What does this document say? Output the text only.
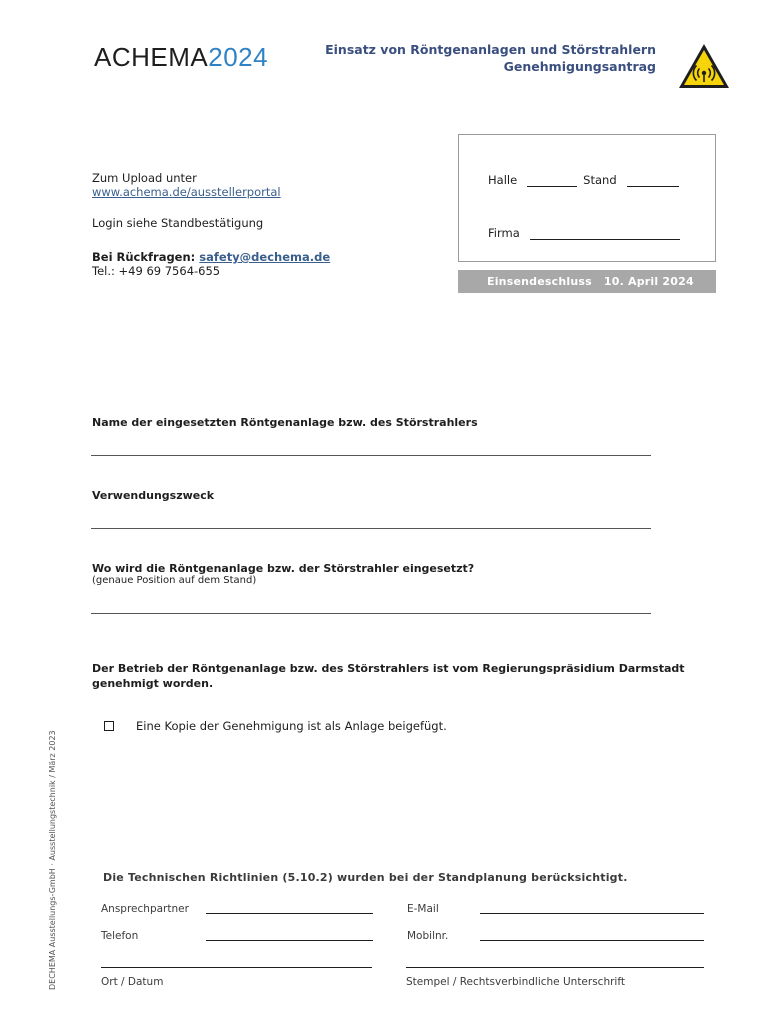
ACHEMA 2024	Einsatz von Röntgenanlagen und Störstrahlern
Genehmigungsantrag
Zum Upload unter
www.achema.de/ausstellerportal
Login siehe Standbestätigung
Bei Rückfragen: safety@dechema.de
Tel.: +49 69 7564-655
Halle	Stand
Firma
Einsendeschluss 10. April 2024
Name der eingesetzten Röntgenanlage bzw. des Störstrahlers
Verwendungszweck
Wo wird die Röntgenanlage bzw. der Störstrahler eingesetzt?
(genaue Position auf dem Stand)
Der Betrieb der Röntgenanlage bzw. des Störstrahlers ist vom Regierungspräsidium Darmstadt
genehmigt worden.
Eine Kopie der Genehmigung ist als Anlage beigefügt.
DECHEMA Ausstellungs-GmbH · Ausstellungstechnik / März 2023	Die Technischen Richtlinien (5.10.2) wurden bei der Standplanung berücksichtigt.
Ansprechpartner	E-Mail
Telefon	Mobilnr.
Ort / Datum	Stempel / Rechtsverbindliche Unterschrift
